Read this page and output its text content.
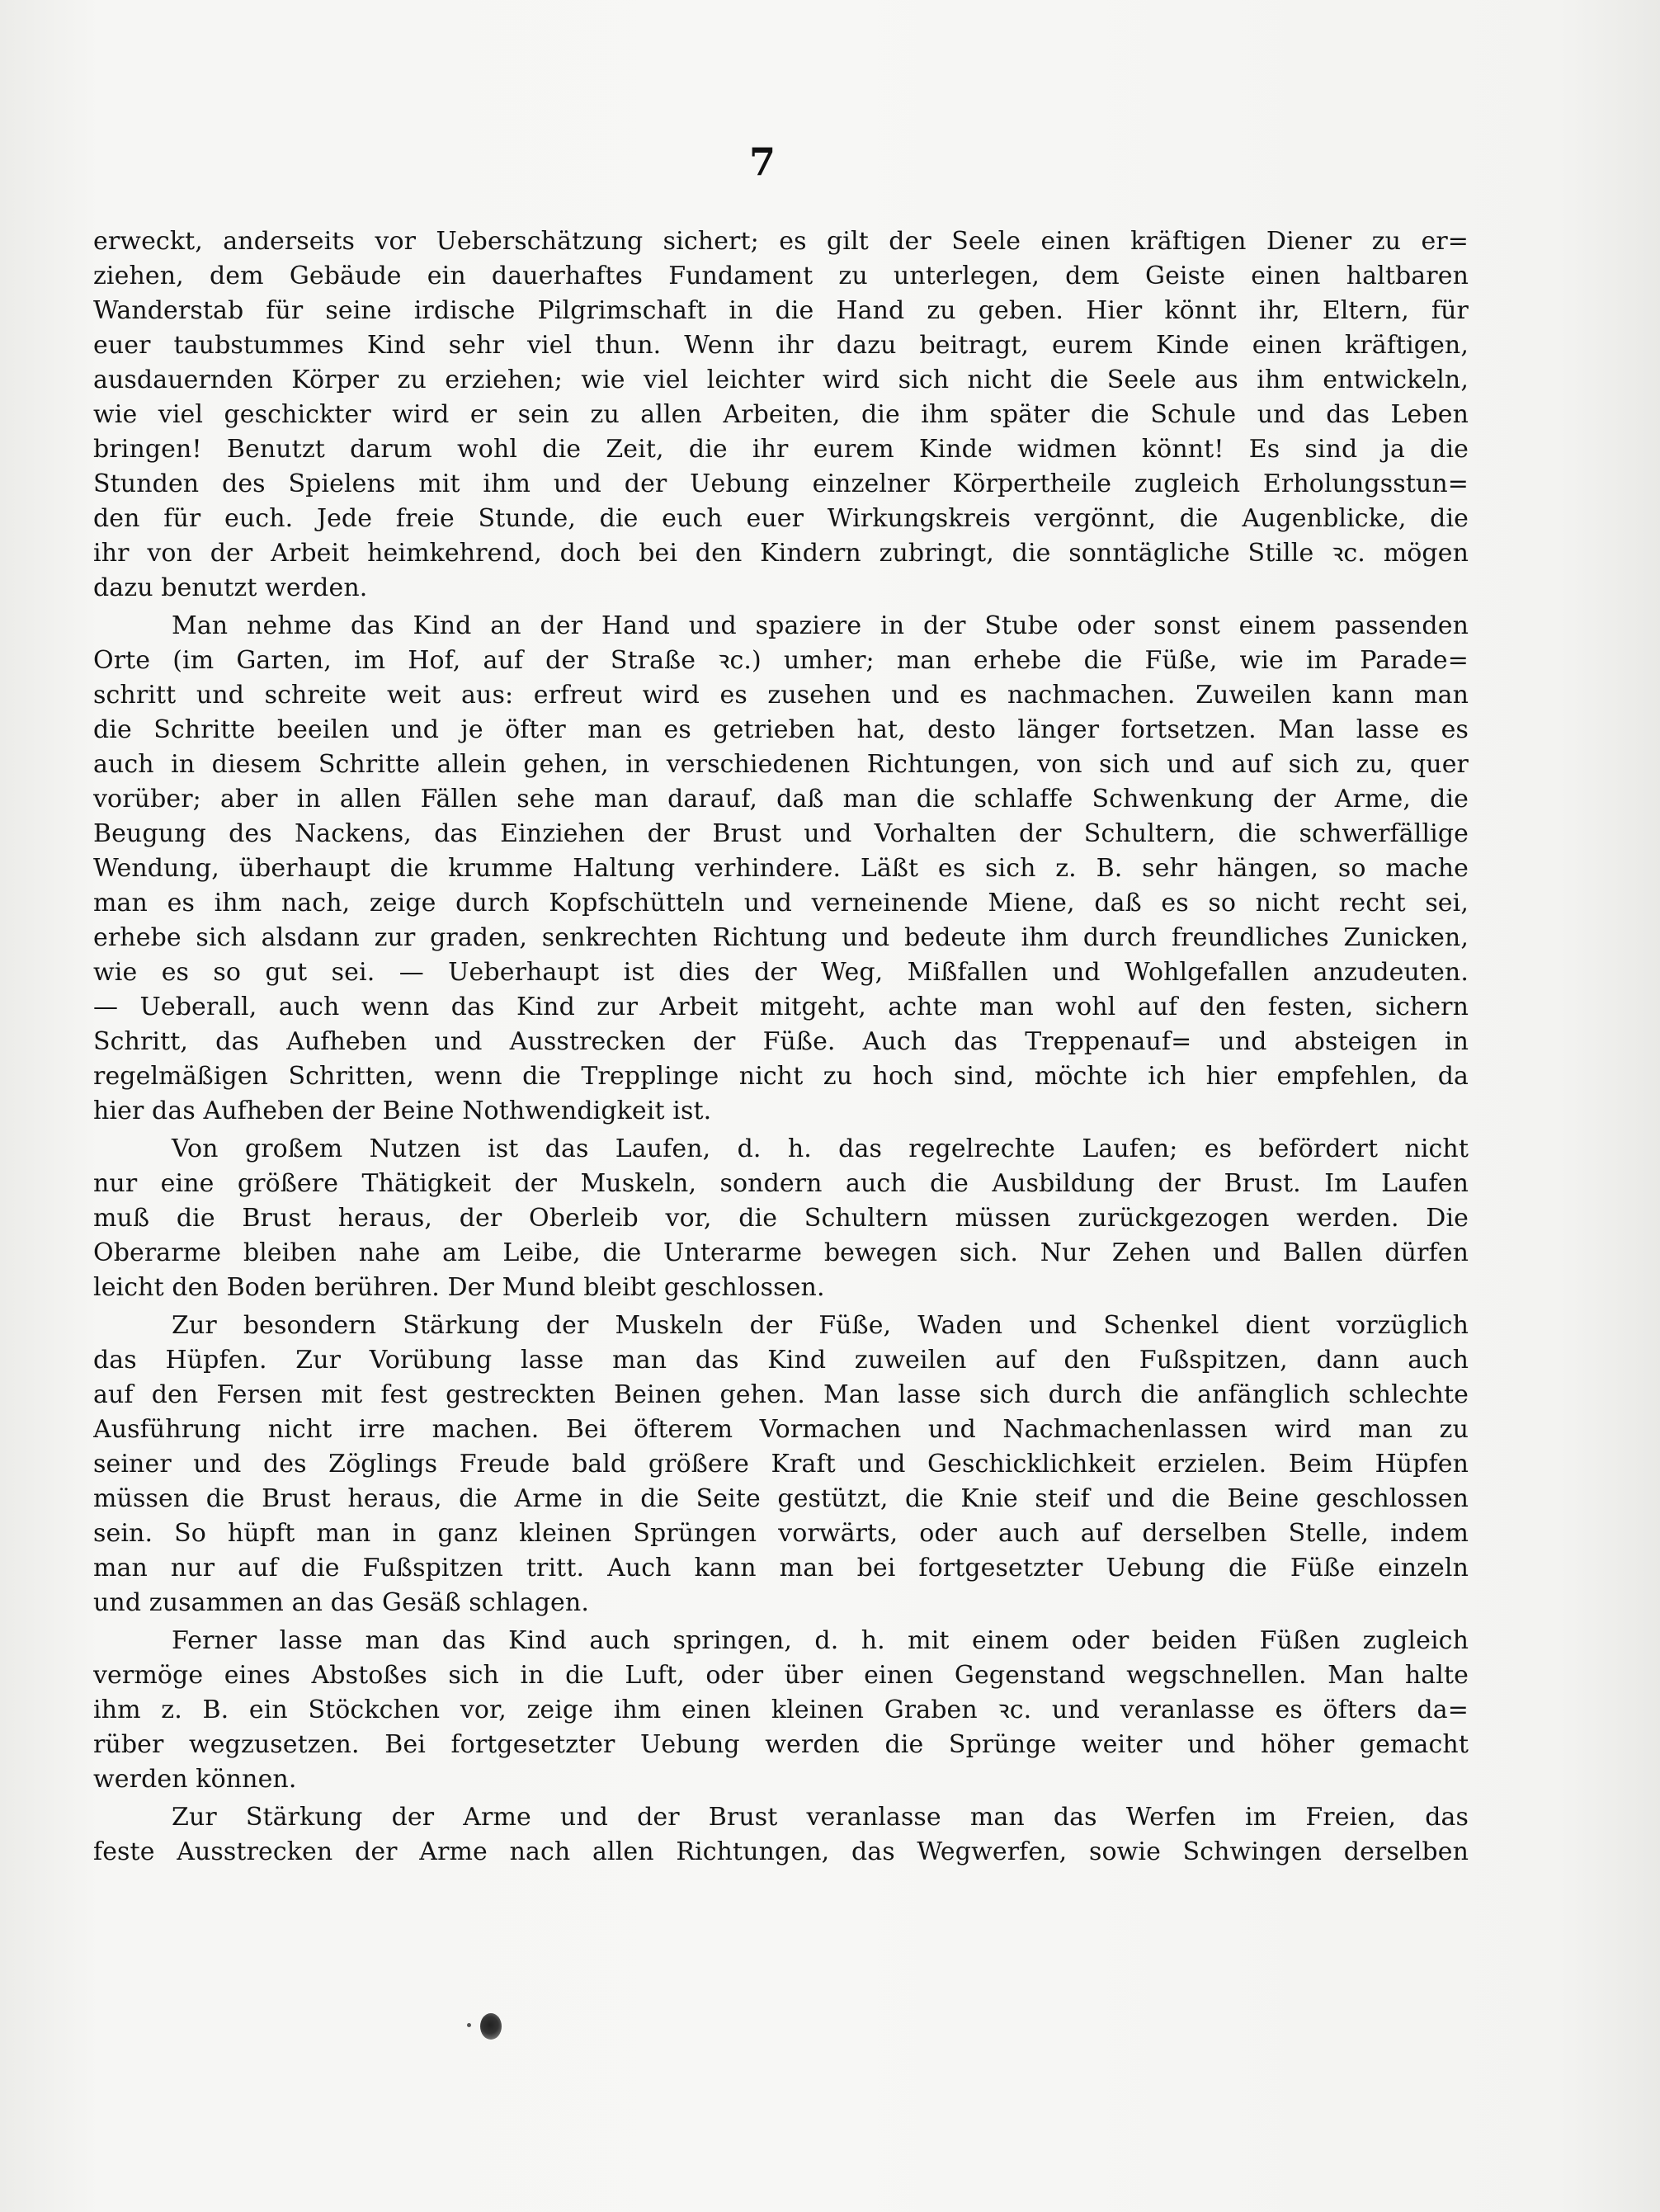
7
erweckt, anderseits vor Ueberschätzung sichert; es gilt der Seele einen kräftigen Diener zu er=
ziehen, dem Gebäude ein dauerhaftes Fundament zu unterlegen, dem Geiste einen haltbaren
Wanderstab für seine irdische Pilgrimschaft in die Hand zu geben. Hier könnt ihr, Eltern, für
euer taubstummes Kind sehr viel thun. Wenn ihr dazu beitragt, eurem Kinde einen kräftigen,
ausdauernden Körper zu erziehen; wie viel leichter wird sich nicht die Seele aus ihm entwickeln,
wie viel geschickter wird er sein zu allen Arbeiten, die ihm später die Schule und das Leben
bringen! Benutzt darum wohl die Zeit, die ihr eurem Kinde widmen könnt! Es sind ja die
Stunden des Spielens mit ihm und der Uebung einzelner Körpertheile zugleich Erholungsstun=
den für euch. Jede freie Stunde, die euch euer Wirkungskreis vergönnt, die Augenblicke, die
ihr von der Arbeit heimkehrend, doch bei den Kindern zubringt, die sonntägliche Stille ꝛc. mögen
dazu benutzt werden.
Man nehme das Kind an der Hand und spaziere in der Stube oder sonst einem passenden
Orte (im Garten, im Hof, auf der Straße ꝛc.) umher; man erhebe die Füße, wie im Parade=
schritt und schreite weit aus: erfreut wird es zusehen und es nachmachen. Zuweilen kann man
die Schritte beeilen und je öfter man es getrieben hat, desto länger fortsetzen. Man lasse es
auch in diesem Schritte allein gehen, in verschiedenen Richtungen, von sich und auf sich zu, quer
vorüber; aber in allen Fällen sehe man darauf, daß man die schlaffe Schwenkung der Arme, die
Beugung des Nackens, das Einziehen der Brust und Vorhalten der Schultern, die schwerfällige
Wendung, überhaupt die krumme Haltung verhindere. Läßt es sich z. B. sehr hängen, so mache
man es ihm nach, zeige durch Kopfschütteln und verneinende Miene, daß es so nicht recht sei,
erhebe sich alsdann zur graden, senkrechten Richtung und bedeute ihm durch freundliches Zunicken,
wie es so gut sei. — Ueberhaupt ist dies der Weg, Mißfallen und Wohlgefallen anzudeuten.
— Ueberall, auch wenn das Kind zur Arbeit mitgeht, achte man wohl auf den festen, sichern
Schritt, das Aufheben und Ausstrecken der Füße. Auch das Treppenauf= und absteigen in
regelmäßigen Schritten, wenn die Trepplinge nicht zu hoch sind, möchte ich hier empfehlen, da
hier das Aufheben der Beine Nothwendigkeit ist.
Von großem Nutzen ist das Laufen, d. h. das regelrechte Laufen; es befördert nicht
nur eine größere Thätigkeit der Muskeln, sondern auch die Ausbildung der Brust. Im Laufen
muß die Brust heraus, der Oberleib vor, die Schultern müssen zurückgezogen werden. Die
Oberarme bleiben nahe am Leibe, die Unterarme bewegen sich. Nur Zehen und Ballen dürfen
leicht den Boden berühren. Der Mund bleibt geschlossen.
Zur besondern Stärkung der Muskeln der Füße, Waden und Schenkel dient vorzüglich
das Hüpfen. Zur Vorübung lasse man das Kind zuweilen auf den Fußspitzen, dann auch
auf den Fersen mit fest gestreckten Beinen gehen. Man lasse sich durch die anfänglich schlechte
Ausführung nicht irre machen. Bei öfterem Vormachen und Nachmachenlassen wird man zu
seiner und des Zöglings Freude bald größere Kraft und Geschicklichkeit erzielen. Beim Hüpfen
müssen die Brust heraus, die Arme in die Seite gestützt, die Knie steif und die Beine geschlossen
sein. So hüpft man in ganz kleinen Sprüngen vorwärts, oder auch auf derselben Stelle, indem
man nur auf die Fußspitzen tritt. Auch kann man bei fortgesetzter Uebung die Füße einzeln
und zusammen an das Gesäß schlagen.
Ferner lasse man das Kind auch springen, d. h. mit einem oder beiden Füßen zugleich
vermöge eines Abstoßes sich in die Luft, oder über einen Gegenstand wegschnellen. Man halte
ihm z. B. ein Stöckchen vor, zeige ihm einen kleinen Graben ꝛc. und veranlasse es öfters da=
rüber wegzusetzen. Bei fortgesetzter Uebung werden die Sprünge weiter und höher gemacht
werden können.
Zur Stärkung der Arme und der Brust veranlasse man das Werfen im Freien, das
feste Ausstrecken der Arme nach allen Richtungen, das Wegwerfen, sowie Schwingen derselben
